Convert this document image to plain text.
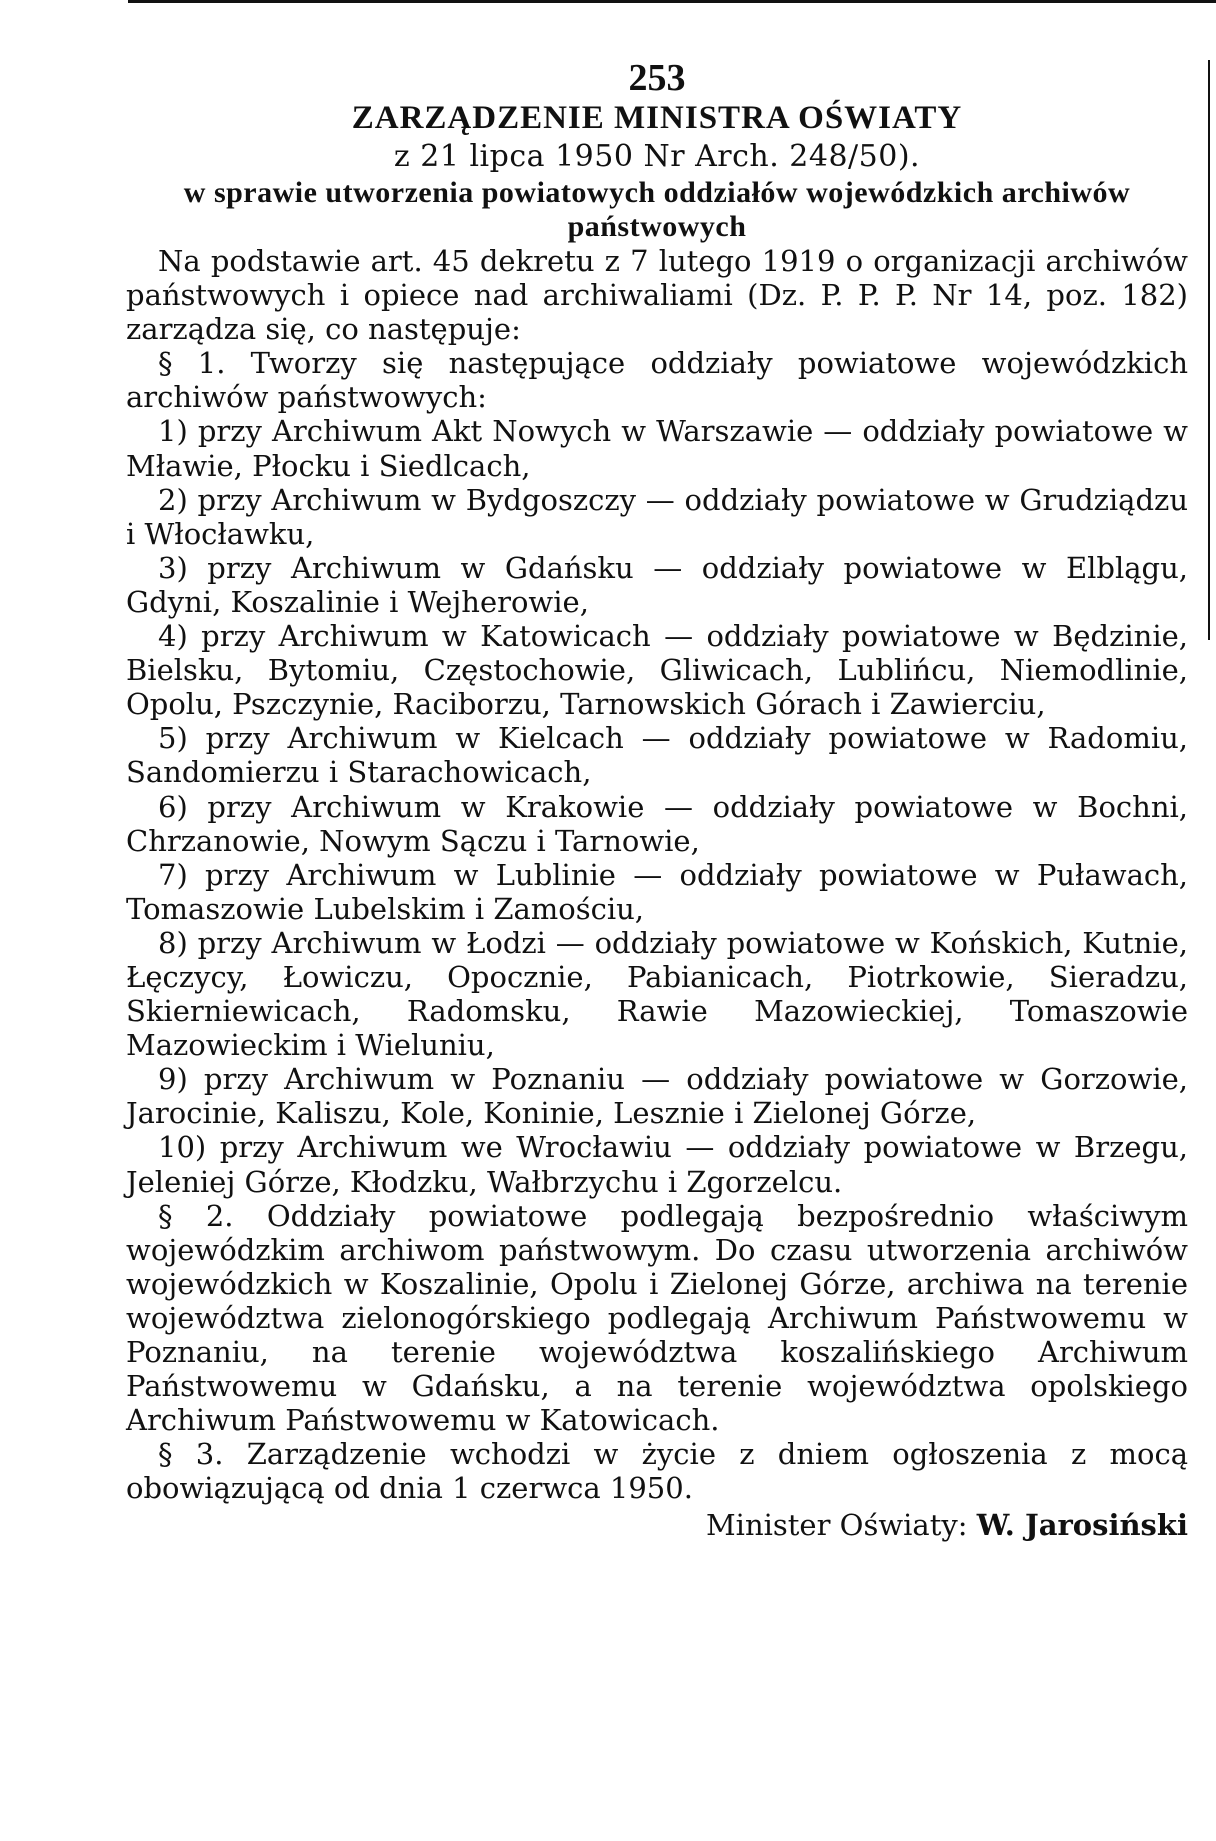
253
ZARZĄDZENIE MINISTRA OŚWIATY
z 21 lipca 1950 Nr Arch. 248/50).
w sprawie utworzenia powiatowych oddziałów wojewódzkich archiwów państwowych

Na podstawie art. 45 dekretu z 7 lutego 1919 o organizacji archiwów państwowych i opiece nad archiwaliami (Dz. P. P. P. Nr 14, poz. 182) zarządza się, co następuje:

§ 1. Tworzy się następujące oddziały powiatowe wojewódzkich archiwów państwowych:

1) przy Archiwum Akt Nowych w Warszawie — oddziały powiatowe w Mławie, Płocku i Siedlcach,

2) przy Archiwum w Bydgoszczy — oddziały powiatowe w Grudziądzu i Włocławku,

3) przy Archiwum w Gdańsku — oddziały powiatowe w Elblągu, Gdyni, Koszalinie i Wejherowie,

4) przy Archiwum w Katowicach — oddziały powiatowe w Będzinie, Bielsku, Bytomiu, Częstochowie, Gliwicach, Lublińcu, Niemodlinie, Opolu, Pszczynie, Raciborzu, Tarnowskich Górach i Zawierciu,

5) przy Archiwum w Kielcach — oddziały powiatowe w Radomiu, Sandomierzu i Starachowicach,

6) przy Archiwum w Krakowie — oddziały powiatowe w Bochni, Chrzanowie, Nowym Sączu i Tarnowie,

7) przy Archiwum w Lublinie — oddziały powiatowe w Puławach, Tomaszowie Lubelskim i Zamościu,

8) przy Archiwum w Łodzi — oddziały powiatowe w Końskich, Kutnie, Łęczycy, Łowiczu, Opocznie, Pabianicach, Piotrkowie, Sieradzu, Skierniewicach, Radomsku, Rawie Mazowieckiej, Tomaszowie Mazowieckim i Wieluniu,

9) przy Archiwum w Poznaniu — oddziały powiatowe w Gorzowie, Jarocinie, Kaliszu, Kole, Koninie, Lesznie i Zielonej Górze,

10) przy Archiwum we Wrocławiu — oddziały powiatowe w Brzegu, Jeleniej Górze, Kłodzku, Wałbrzychu i Zgorzelcu.

§ 2. Oddziały powiatowe podlegają bezpośrednio właściwym wojewódzkim archiwom państwowym. Do czasu utworzenia archiwów wojewódzkich w Koszalinie, Opolu i Zielonej Górze, archiwa na terenie województwa zielonogórskiego podlegają Archiwum Państwowemu w Poznaniu, na terenie województwa koszalińskiego Archiwum Państwowemu w Gdańsku, a na terenie województwa opolskiego Archiwum Państwowemu w Katowicach.

§ 3. Zarządzenie wchodzi w życie z dniem ogłoszenia z mocą obowiązującą od dnia 1 czerwca 1950.

Minister Oświaty: W. Jarosiński
